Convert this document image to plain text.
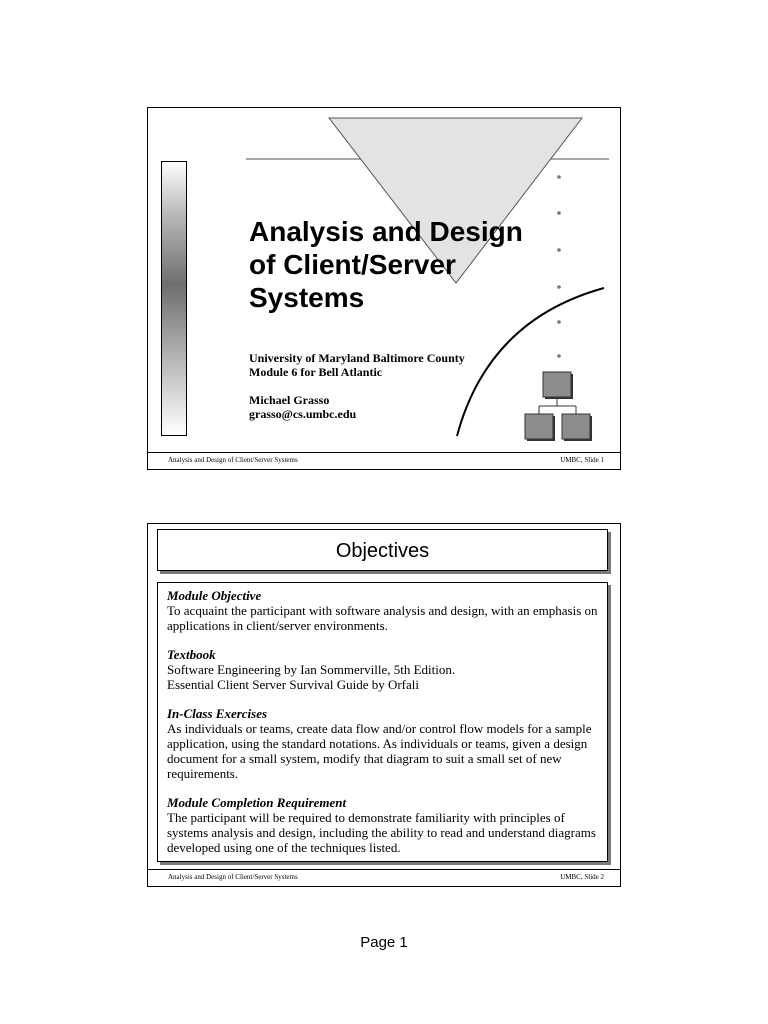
Analysis and Design
of Client/Server
Systems
University of Maryland Baltimore County
Module 6 for Bell Atlantic
Michael Grasso
grasso@cs.umbc.edu
Analysis and Design of Client/Server Systems	UMBC, Slide 1
Objectives
Module Objective
To acquaint the participant with software analysis and design, with an emphasis on applications in client/server environments.
Textbook
Software Engineering by Ian Sommerville, 5th Edition.
Essential Client Server Survival Guide by Orfali
In-Class Exercises
As individuals or teams, create data flow and/or control flow models for a sample application, using the standard notations. As individuals or teams, given a design document for a small system, modify that diagram to suit a small set of new requirements.
Module Completion Requirement
The participant will be required to demonstrate familiarity with principles of systems analysis and design, including the ability to read and understand diagrams developed using one of the techniques listed.
Analysis and Design of Client/Server Systems	UMBC, Slide 2
Page 1
